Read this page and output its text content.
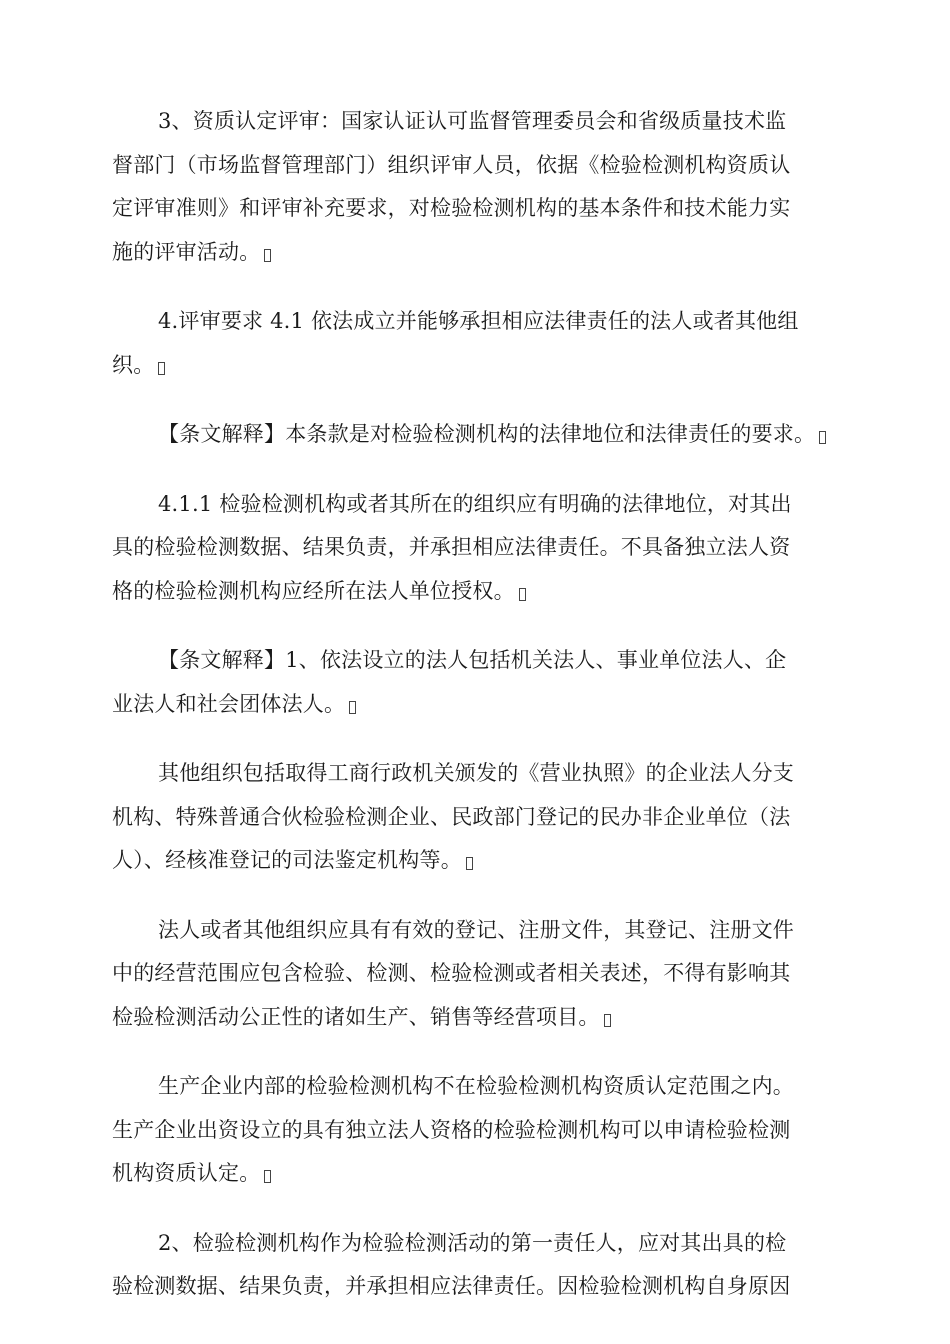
3、资质认定评审：国家认证认可监督管理委员会和省级质量技术监
督部门（市场监督管理部门）组织评审人员，依据《检验检测机构资质认
定评审准则》和评审补充要求，对检验检测机构的基本条件和技术能力实
施的评审活动。

4.评审要求 4.1 依法成立并能够承担相应法律责任的法人或者其他组
织。

【条文解释】本条款是对检验检测机构的法律地位和法律责任的要求。

4.1.1 检验检测机构或者其所在的组织应有明确的法律地位，对其出
具的检验检测数据、结果负责，并承担相应法律责任。不具备独立法人资
格的检验检测机构应经所在法人单位授权。

【条文解释】1、依法设立的法人包括机关法人、事业单位法人、企
业法人和社会团体法人。

其他组织包括取得工商行政机关颁发的《营业执照》的企业法人分支
机构、特殊普通合伙检验检测企业、民政部门登记的民办非企业单位（法
人）、经核准登记的司法鉴定机构等。

法人或者其他组织应具有有效的登记、注册文件，其登记、注册文件
中的经营范围应包含检验、检测、检验检测或者相关表述，不得有影响其
检验检测活动公正性的诸如生产、销售等经营项目。

生产企业内部的检验检测机构不在检验检测机构资质认定范围之内。
生产企业出资设立的具有独立法人资格的检验检测机构可以申请检验检测
机构资质认定。

2、检验检测机构作为检验检测活动的第一责任人，应对其出具的检
验检测数据、结果负责，并承担相应法律责任。因检验检测机构自身原因
